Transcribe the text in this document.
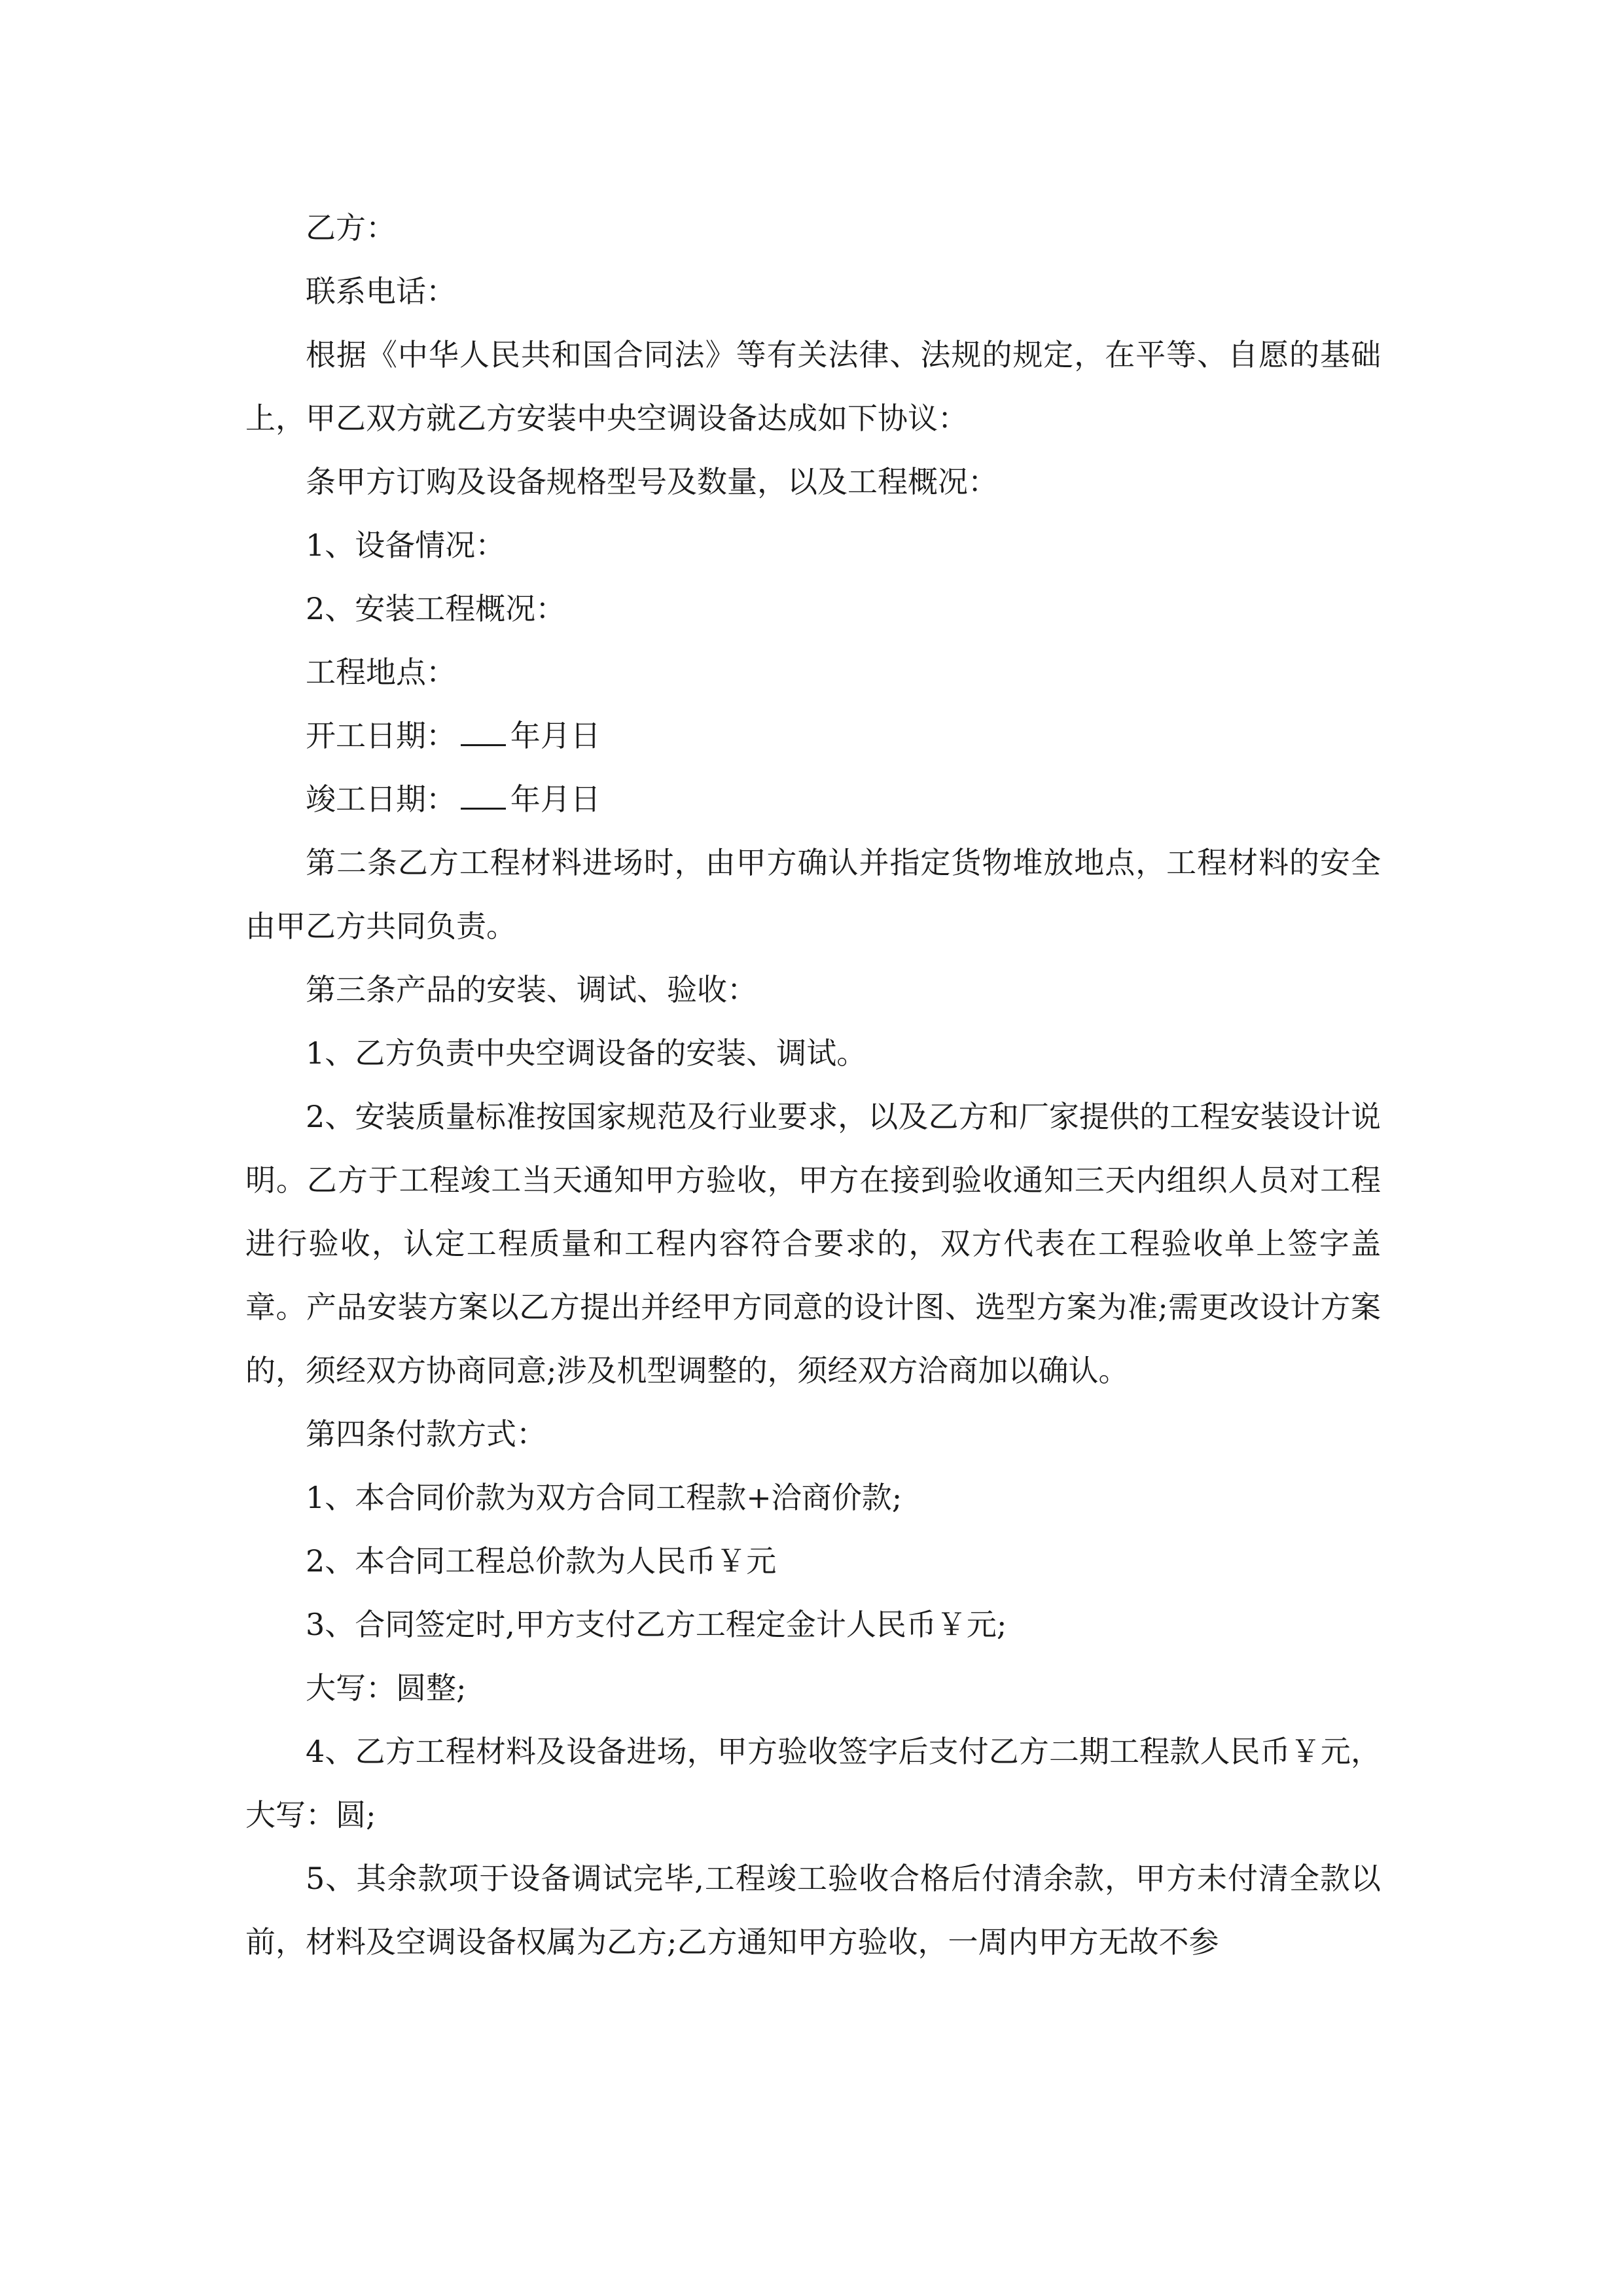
乙方：

联系电话：

根据《中华人民共和国合同法》等有关法律、法规的规定，在平等、自愿的基础上，甲乙双方就乙方安装中央空调设备达成如下协议：

条甲方订购及设备规格型号及数量，以及工程概况：

1、设备情况：

2、安装工程概况：

工程地点：

开工日期： 年月日

竣工日期： 年月日

第二条乙方工程材料进场时，由甲方确认并指定货物堆放地点，工程材料的安全由甲乙方共同负责。

第三条产品的安装、调试、验收：

1、乙方负责中央空调设备的安装、调试。

2、安装质量标准按国家规范及行业要求，以及乙方和厂家提供的工程安装设计说明。乙方于工程竣工当天通知甲方验收，甲方在接到验收通知三天内组织人员对工程进行验收，认定工程质量和工程内容符合要求的，双方代表在工程验收单上签字盖章。产品安装方案以乙方提出并经甲方同意的设计图、选型方案为准;需更改设计方案的，须经双方协商同意;涉及机型调整的，须经双方洽商加以确认。

第四条付款方式：

1、本合同价款为双方合同工程款+洽商价款;

2、本合同工程总价款为人民币￥元

3、合同签定时,甲方支付乙方工程定金计人民币￥元;

大写：圆整;

4、乙方工程材料及设备进场，甲方验收签字后支付乙方二期工程款人民币￥元，大写：圆;

5、其余款项于设备调试完毕,工程竣工验收合格后付清余款，甲方未付清全款以前，材料及空调设备权属为乙方;乙方通知甲方验收，一周内甲方无故不参
